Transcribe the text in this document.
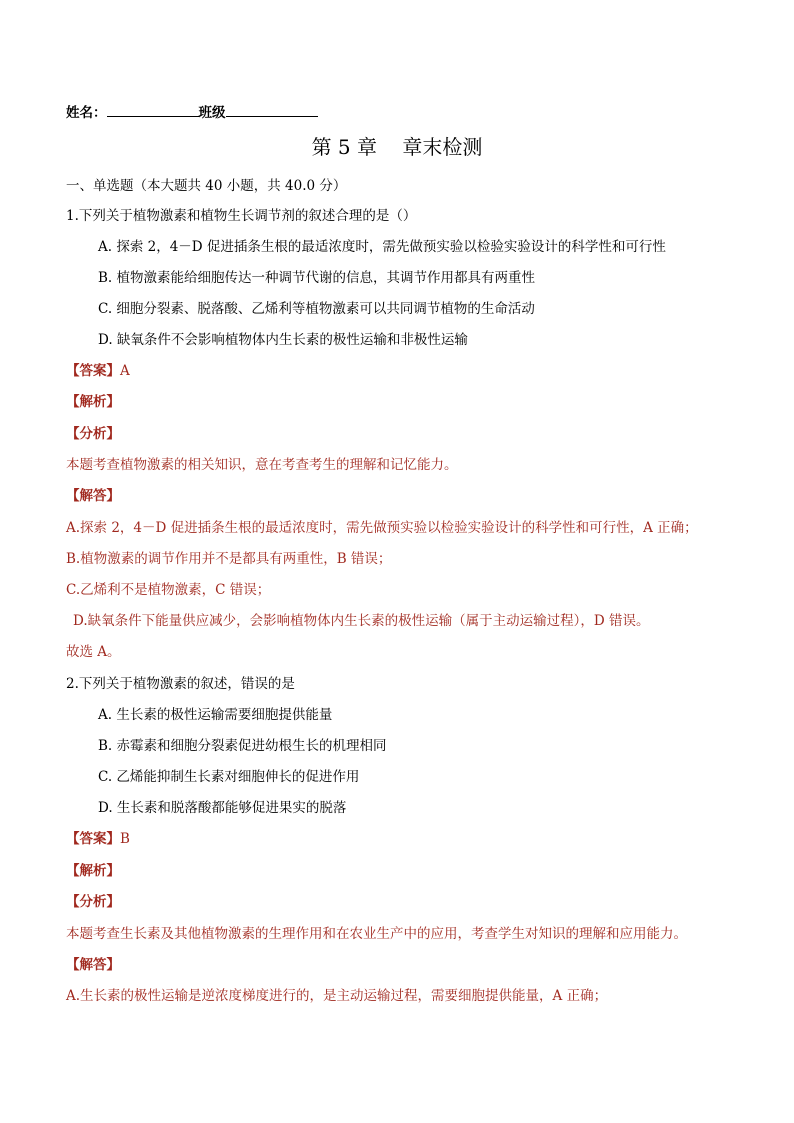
姓名：	班级
第 5 章    章末检测
一、单选题（本大题共 40 小题，共 40.0 分）
1.下列关于植物激素和植物生长调节剂的叙述合理的是（）
A. 探索 2，4－D 促进插条生根的最适浓度时，需先做预实验以检验实验设计的科学性和可行性
B. 植物激素能给细胞传达一种调节代谢的信息，其调节作用都具有两重性
C. 细胞分裂素、脱落酸、乙烯利等植物激素可以共同调节植物的生命活动
D. 缺氧条件不会影响植物体内生长素的极性运输和非极性运输
【答案】A
【解析】
【分析】
本题考查植物激素的相关知识，意在考查考生的理解和记忆能力。
【解答】
A.探索 2，4－D 促进插条生根的最适浓度时，需先做预实验以检验实验设计的科学性和可行性，A 正确；
B.植物激素的调节作用并不是都具有两重性，B 错误；
C.乙烯利不是植物激素，C 错误；
D.缺氧条件下能量供应减少，会影响植物体内生长素的极性运输（属于主动运输过程），D 错误。
故选 A。
2.下列关于植物激素的叙述，错误的是
A. 生长素的极性运输需要细胞提供能量
B. 赤霉素和细胞分裂素促进幼根生长的机理相同
C. 乙烯能抑制生长素对细胞伸长的促进作用
D. 生长素和脱落酸都能够促进果实的脱落
【答案】B
【解析】
【分析】
本题考查生长素及其他植物激素的生理作用和在农业生产中的应用，考查学生对知识的理解和应用能力。
【解答】
A.生长素的极性运输是逆浓度梯度进行的，是主动运输过程，需要细胞提供能量，A 正确；
